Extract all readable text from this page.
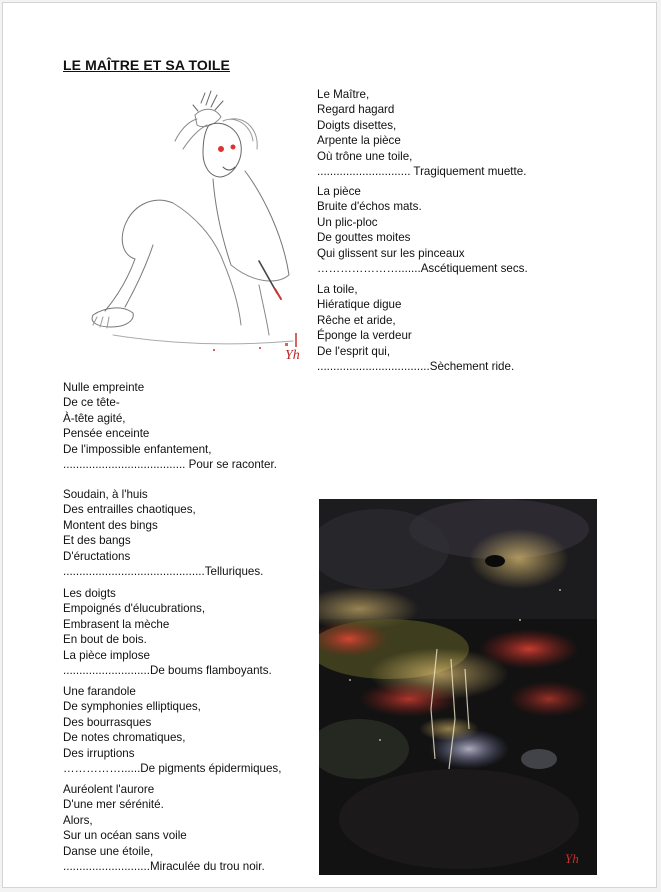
LE MAÎTRE ET SA TOILE
Yh

Le Maître,
Regard hagard
Doigts disettes,
Arpente la pièce
Où trône une toile,
............................. Tragiquement muette.

La pièce
Bruite d'échos mats.
Un plic-ploc
De gouttes moites
Qui glissent sur les pinceaux
………………….......Ascétiquement secs.

La toile,
Hiératique digue
Rêche et aride,
Éponge la verdeur
De l'esprit qui,
...................................Sèchement ride.

Nulle empreinte
De ce tête-
À-tête agité,
Pensée enceinte
De l'impossible enfantement,
...................................... Pour se raconter.

Soudain, à l'huis
Des entrailles chaotiques,
Montent des bings
Et des bangs
D'éructations
............................................Telluriques.

Les doigts
Empoignés d'élucubrations,
Embrasent la mèche
En bout de bois.
La pièce implose
...........................De boums flamboyants.

Une farandole
De symphonies elliptiques,
Des bourrasques
De notes chromatiques,
Des irruptions
……………......De pigments épidermiques,

Auréolent l'aurore
D'une mer sérénité.
Alors,
Sur un océan sans voile
Danse une étoile,
...........................Miraculée du trou noir.

Yh
